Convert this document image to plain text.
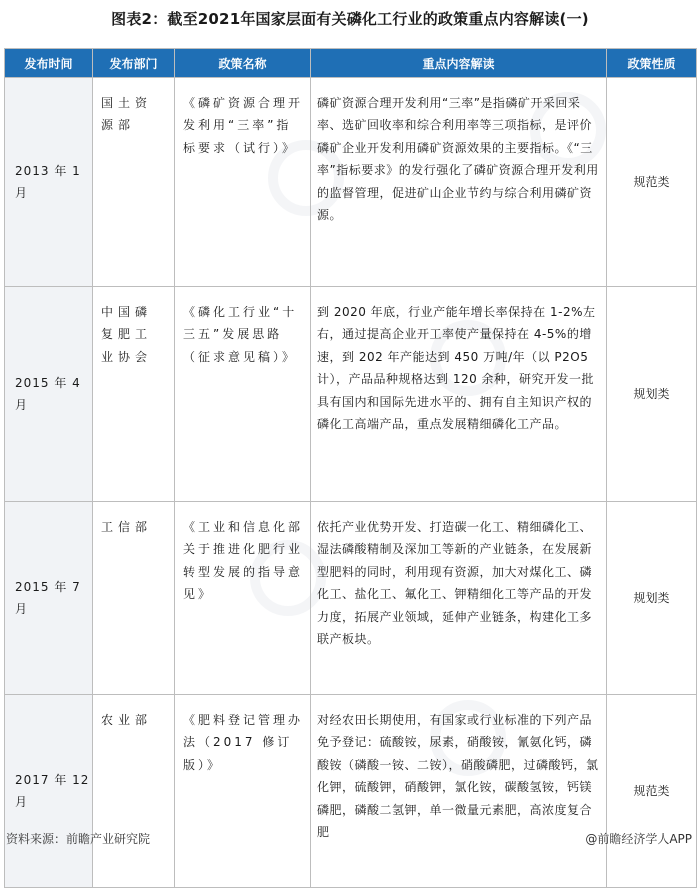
图表2：截至2021年国家层面有关磷化工行业的政策重点内容解读(一)
发布时间	发布部门	政策名称	重点内容解读	政策性质
2013 年 1 月	国土资源部	《磷矿资源合理开发利用“三率”指标要求（试行）》	磷矿资源合理开发利用“三率”是指磷矿开采回采率、选矿回收率和综合利用率等三项指标，是评价磷矿企业开发利用磷矿资源效果的主要指标。《“三率”指标要求》的发行强化了磷矿资源合理开发利用的监督管理，促进矿山企业节约与综合利用磷矿资源。	规范类
2015 年 4 月	中国磷复肥工业协会	《磷化工行业“十三五”发展思路（征求意见稿）》	到 2020 年底，行业产能年增长率保持在 1-2%左右，通过提高企业开工率使产量保持在 4-5%的增速，到 202 年产能达到 450 万吨/年（以 P2O5 计），产品品种规格达到 120 余种，研究开发一批具有国内和国际先进水平的、拥有自主知识产权的磷化工高端产品，重点发展精细磷化工产品。	规划类
2015 年 7 月	工信部	《工业和信息化部关于推进化肥行业转型发展的指导意见》	依托产业优势开发、打造碳一化工、精细磷化工、湿法磷酸精制及深加工等新的产业链条，在发展新型肥料的同时，利用现有资源，加大对煤化工、磷化工、盐化工、氟化工、钾精细化工等产品的开发力度，拓展产业领域，延伸产业链条，构建化工多联产板块。	规划类
2017 年 12 月	农业部	《肥料登记管理办法（2017 修订版）》	对经农田长期使用，有国家或行业标准的下列产品免予登记：硫酸铵，尿素，硝酸铵，氰氨化钙，磷酸铵（磷酸一铵、二铵），硝酸磷肥，过磷酸钙，氯化钾，硫酸钾，硝酸钾，氯化铵，碳酸氢铵，钙镁磷肥，磷酸二氢钾，单一微量元素肥，高浓度复合肥	规范类
资料来源：前瞻产业研究院	@前瞻经济学人APP
